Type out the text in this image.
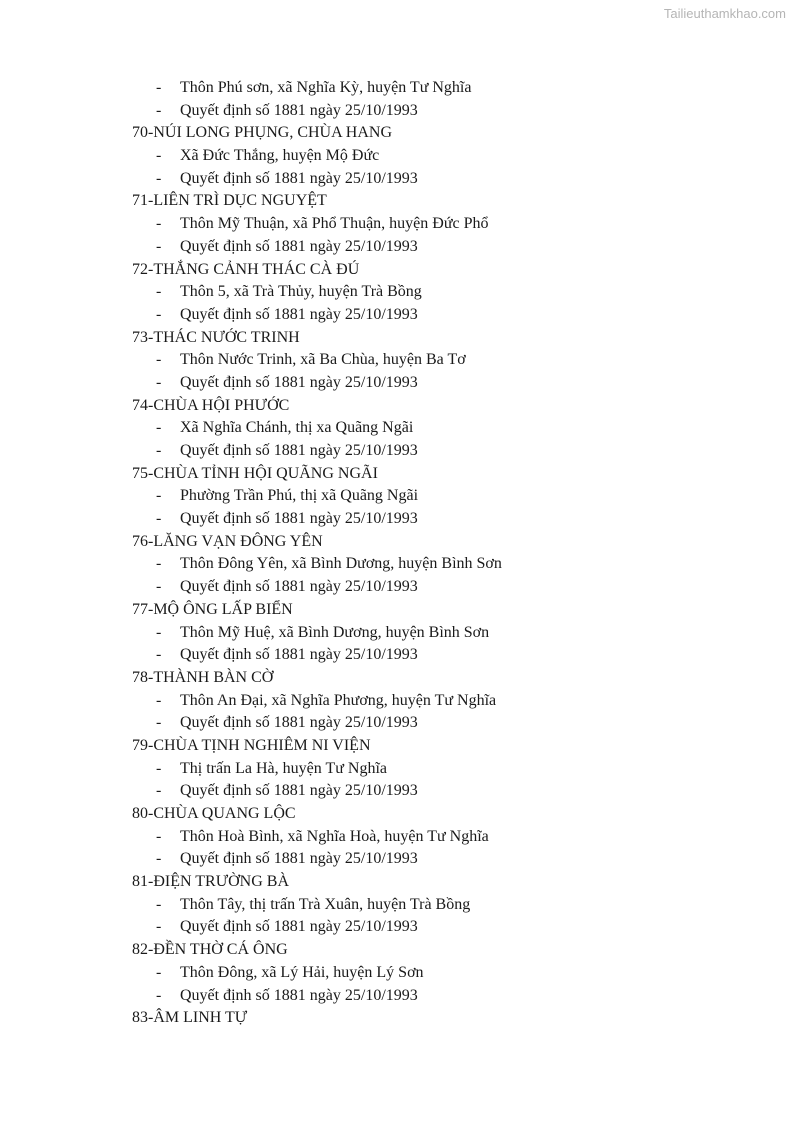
Tailieuthamkhao.com
- Thôn Phú sơn, xã Nghĩa Kỳ, huyện Tư Nghĩa
- Quyết định số 1881 ngày 25/10/1993
70-NÚI LONG PHỤNG, CHÙA HANG
- Xã Đức Thắng, huyện Mộ Đức
- Quyết định số 1881 ngày 25/10/1993
71-LIÊN TRÌ DỤC NGUYỆT
- Thôn Mỹ Thuận, xã Phổ Thuận, huyện Đức Phổ
- Quyết định số 1881 ngày 25/10/1993
72-THẮNG CẢNH THÁC CÀ ĐÚ
- Thôn 5, xã Trà Thủy, huyện Trà Bồng
- Quyết định số 1881 ngày 25/10/1993
73-THÁC NƯỚC TRINH
- Thôn Nước Trinh, xã Ba Chùa, huyện Ba Tơ
- Quyết định số 1881 ngày 25/10/1993
74-CHÙA HỘI PHƯỚC
- Xã Nghĩa Chánh, thị xa Quãng Ngãi
- Quyết định số 1881 ngày 25/10/1993
75-CHÙA TỈNH HỘI QUÃNG NGÃI
- Phường Trần Phú, thị xã Quãng Ngãi
- Quyết định số 1881 ngày 25/10/1993
76-LĂNG VẠN ĐÔNG YÊN
- Thôn Đông Yên, xã Bình Dương, huyện Bình Sơn
- Quyết định số 1881 ngày 25/10/1993
77-MỘ ÔNG LẤP BIỂN
- Thôn Mỹ Huệ, xã Bình Dương, huyện Bình Sơn
- Quyết định số 1881 ngày 25/10/1993
78-THÀNH BÀN CỜ
- Thôn An Đại, xã Nghĩa Phương, huyện Tư Nghĩa
- Quyết định số 1881 ngày 25/10/1993
79-CHÙA TỊNH NGHIÊM NI VIỆN
- Thị trấn La Hà, huyện Tư Nghĩa
- Quyết định số 1881 ngày 25/10/1993
80-CHÙA QUANG LỘC
- Thôn Hoà Bình, xã Nghĩa Hoà, huyện Tư Nghĩa
- Quyết định số 1881 ngày 25/10/1993
81-ĐIỆN TRƯỜNG BÀ
- Thôn Tây, thị trấn Trà Xuân, huyện Trà Bồng
- Quyết định số 1881 ngày 25/10/1993
82-ĐỀN THỜ CÁ ÔNG
- Thôn Đông, xã Lý Hải, huyện Lý Sơn
- Quyết định số 1881 ngày 25/10/1993
83-ÂM LINH TỰ
